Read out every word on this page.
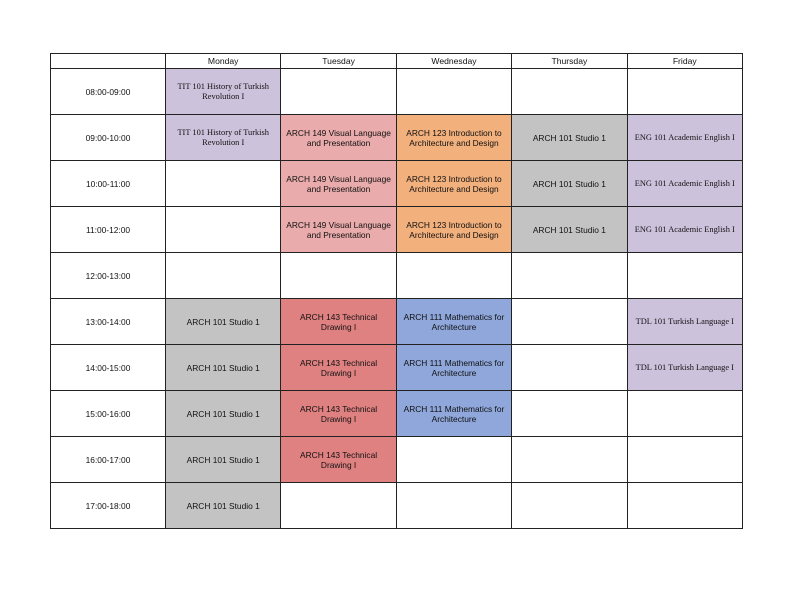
	Monday	Tuesday	Wednesday	Thursday	Friday
08:00-09:00	TIT 101 History of Turkish Revolution I				
09:00-10:00	TIT 101 History of Turkish Revolution I	ARCH 149 Visual Language and Presentation	ARCH 123 Introduction to Architecture and Design	ARCH 101 Studio 1	ENG 101 Academic English I
10:00-11:00		ARCH 149 Visual Language and Presentation	ARCH 123 Introduction to Architecture and Design	ARCH 101 Studio 1	ENG 101 Academic English I
11:00-12:00		ARCH 149 Visual Language and Presentation	ARCH 123 Introduction to Architecture and Design	ARCH 101 Studio 1	ENG 101 Academic English I
12:00-13:00					
13:00-14:00	ARCH 101 Studio 1	ARCH 143 Technical Drawing I	ARCH 111 Mathematics for Architecture		TDL 101 Turkish Language I
14:00-15:00	ARCH 101 Studio 1	ARCH 143 Technical Drawing I	ARCH 111 Mathematics for Architecture		TDL 101 Turkish Language I
15:00-16:00	ARCH 101 Studio 1	ARCH 143 Technical Drawing I	ARCH 111 Mathematics for Architecture		
16:00-17:00	ARCH 101 Studio 1	ARCH 143 Technical Drawing I			
17:00-18:00	ARCH 101 Studio 1				
